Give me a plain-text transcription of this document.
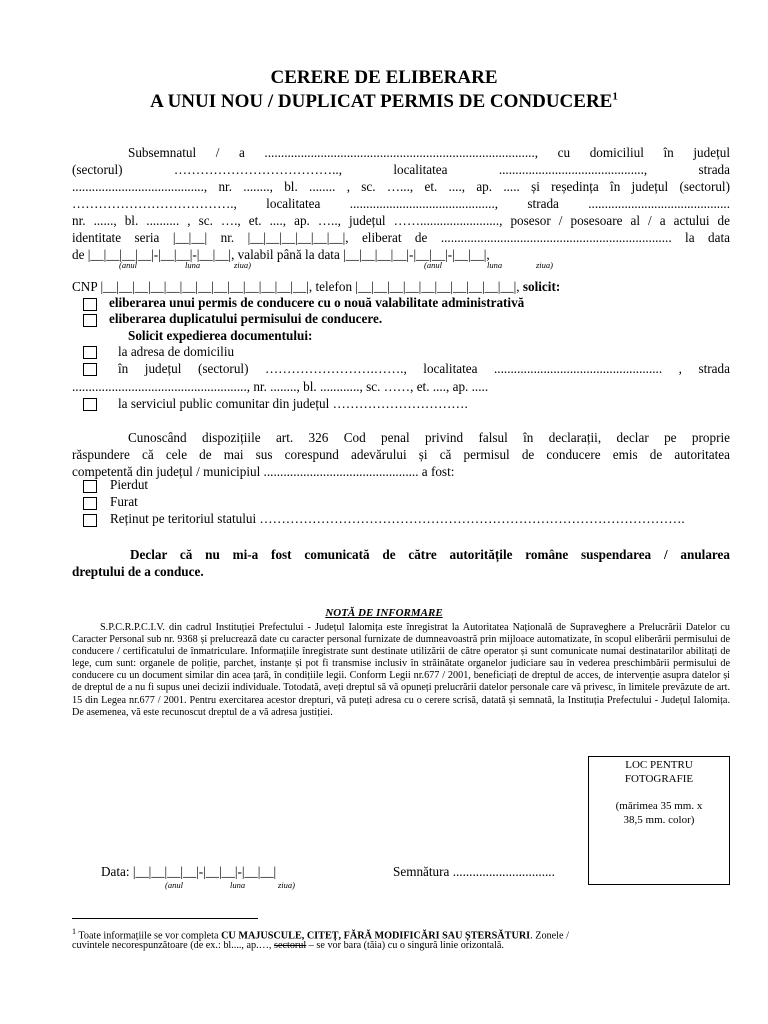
CERERE DE ELIBERARE
A UNUI NOU / DUPLICAT PERMIS DE CONDUCERE$^1$
Subsemnatul / a .................................................................................., cu domiciliul în județul
(sectorul) ……………………………….., localitatea ............................................, strada
........................................, nr. ........, bl. ........ , sc. …..., et. ...., ap. ..... și reședința în județul (sectorul)
………………………………., localitatea ............................................, strada ...........................................
nr. ......, bl. .......... , sc. …., et. ...., ap. ….., județul ……........................, posesor / posesoare al / a actului de
identitate seria |__|__| nr. |__|__|__|__|__|__|, eliberat de ...................................................................... la data
de |__|__|__|__|-|__|__|-|__|__|, valabil până la data |__|__|__|__|-|__|__|-|__|__|,
(anul	luna	ziua)	(anul	luna	ziua)
CNP |__|__|__|__|__|__|__|__|__|__|__|__|__|, telefon |__|__|__|__|__|__|__|__|__|__|, solicit:
eliberarea unui permis de conducere cu o nouă valabilitate administrativă
eliberarea duplicatului permisului de conducere.
Solicit expedierea documentului:
la adresa de domiciliu
în județul (sectorul) …………………….……., localitatea ................................................... , strada
....................................................., nr. ........, bl. ............, sc. ……, et. ...., ap. .....
la serviciul public comunitar din județul ………………………….
Cunoscând dispozițiile art. 326 Cod penal privind falsul în declarații, declar pe proprie
răspundere că cele de mai sus corespund adevărului și că permisul de conducere emis de autoritatea
competentă din județul / municipiul ............................................... a fost:
Pierdut
Furat
Reținut pe teritoriul statului …………………………………………………………………………………….
Declar că nu mi-a fost comunicată de către autoritățile române suspendarea / anularea
dreptului de a conduce.
NOTĂ DE INFORMARE
S.P.C.R.P.C.I.V. din cadrul Instituției Prefectului - Județul Ialomița este înregistrat la Autoritatea Națională de Supraveghere a Prelucrării Datelor cu Caracter Personal sub nr. 9368 și prelucrează date cu caracter personal furnizate de dumneavoastră prin mijloace automatizate, în scopul eliberării permisului de conducere / certificatului de înmatriculare. Informațiile înregistrate sunt destinate utilizării de către operator și sunt comunicate numai destinatarilor abilitați de lege, cum sunt: organele de poliție, parchet, instanțe și pot fi transmise inclusiv în străinătate organelor judiciare sau în vederea preschimbării permisului de conducere cu un document similar din acea țară, în condițiile legii. Conform Legii nr.677 / 2001, beneficiați de dreptul de acces, de intervenție asupra datelor și de dreptul de a nu fi supus unei decizii individuale. Totodată, aveți dreptul să vă opuneți prelucrării datelor personale care vă privesc, în limitele prevăzute de art. 15 din Legea nr.677 / 2001. Pentru exercitarea acestor drepturi, vă puteți adresa cu o cerere scrisă, datată și semnată, la Instituția Prefectului - Județul Ialomița. De asemenea, vă este recunoscut dreptul de a vă adresa justiției.
LOC PENTRU
FOTOGRAFIE
(mărimea 35 mm. x
38,5 mm. color)
Data: |__|__|__|__|-|__|__|-|__|__|
(anul	luna	ziua)
Semnătura ...............................
$^1$ Toate informațiile se vor completa CU MAJUSCULE, CITEȚ, FĂRĂ MODIFICĂRI SAU ȘTERSĂTURI. Zonele /
cuvintele necorespunzătoare (de ex.: bl...., ap.…, sectorul – se vor bara (tăia) cu o singură linie orizontală.
